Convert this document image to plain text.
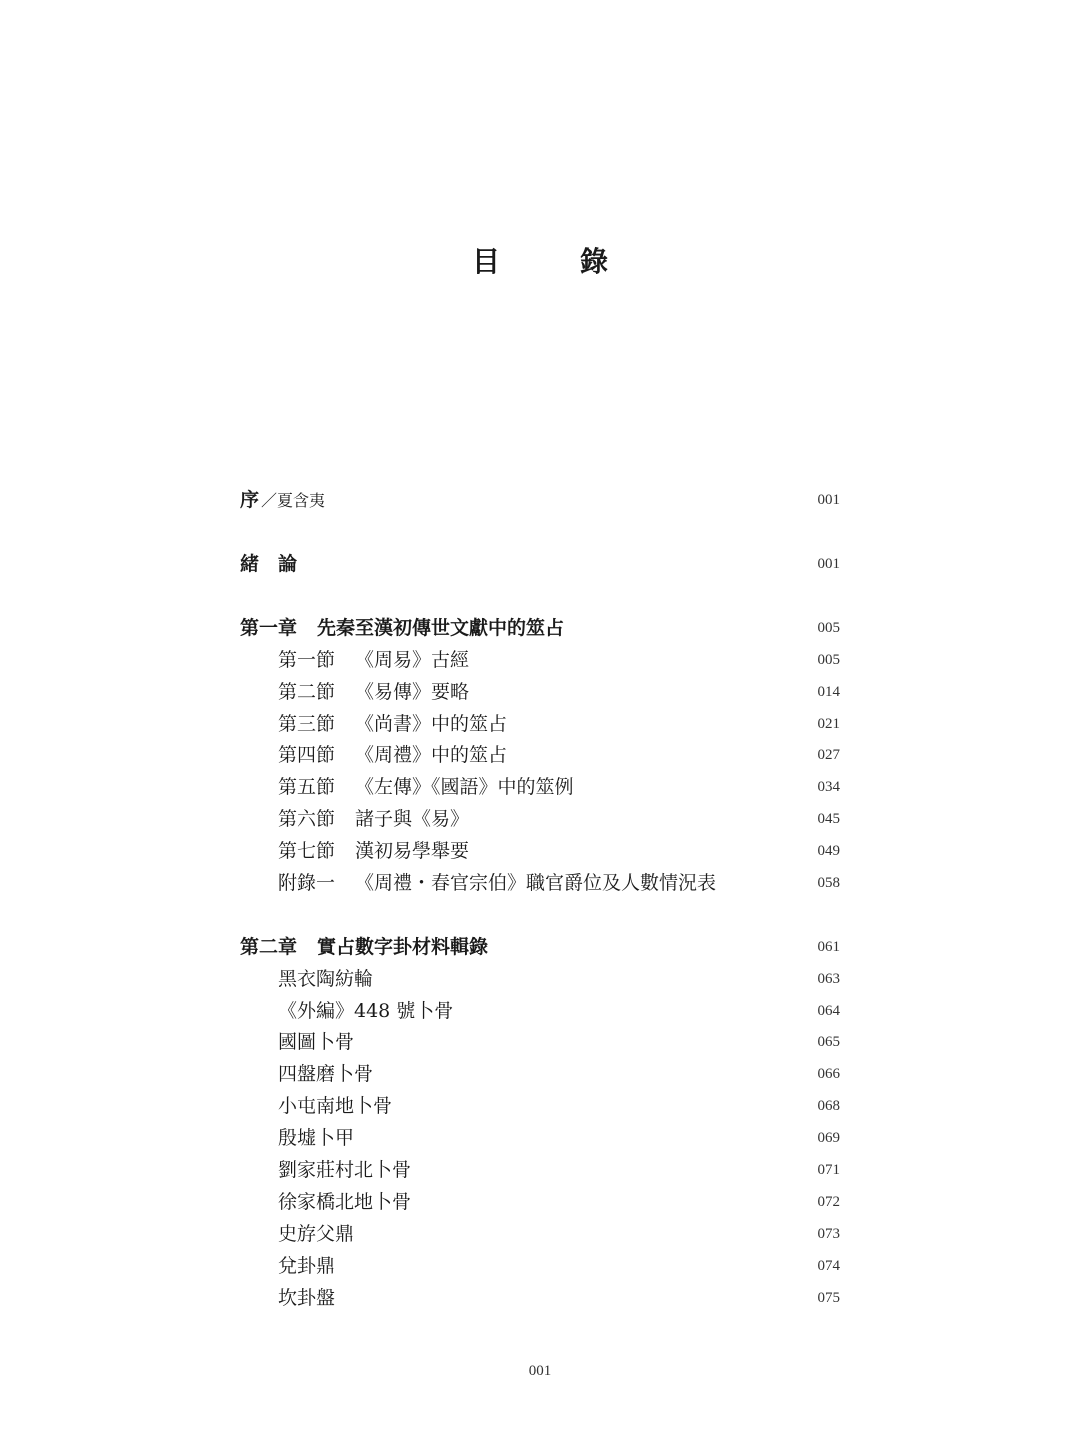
目　錄
序 ／夏含夷	001
緒　論	001
第一章 先秦至漢初傳世文獻中的筮占	005
第一節 《周易》古經	005
第二節 《易傳》要略	014
第三節 《尚書》中的筮占	021
第四節 《周禮》中的筮占	027
第五節 《左傳》《國語》中的筮例	034
第六節 諸子與《易》	045
第七節 漢初易學舉要	049
附錄一 《周禮・春官宗伯》職官爵位及人數情況表	058
第二章 實占數字卦材料輯錄	061
黑衣陶紡輪	063
《外編》448 號卜骨	064
國圖卜骨	065
四盤磨卜骨	066
小屯南地卜骨	068
殷墟卜甲	069
劉家莊村北卜骨	071
徐家橋北地卜骨	072
史斿父鼎	073
兌卦鼎	074
坎卦盤	075
001
